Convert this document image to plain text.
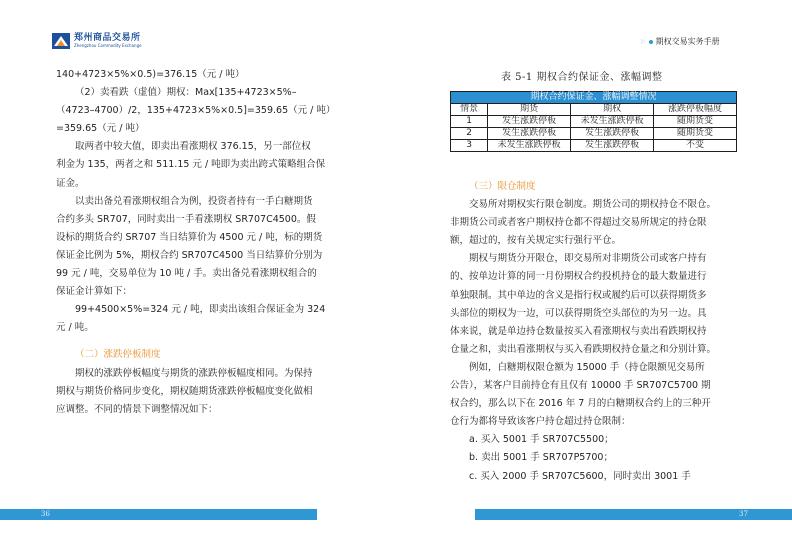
郑州商品交易所
Zhengzhou Commodity Exchange
▷ 期权交易实务手册
140+4723×5%×0.5)=376.15（元 / 吨）
（2）卖看跌（虚值）期权：Max[135+4723×5%–
（4723–4700）/2，135+4723×5%×0.5]=359.65（元 / 吨）
=359.65（元 / 吨）
取两者中较大值，即卖出看涨期权 376.15，另一部位权
利金为 135，两者之和 511.15 元 / 吨即为卖出跨式策略组合保
证金。
以卖出备兑看涨期权组合为例，投资者持有一手白糖期货
合约多头 SR707，同时卖出一手看涨期权 SR707C4500。假
设标的期货合约 SR707 当日结算价为 4500 元 / 吨，标的期货
保证金比例为 5%，期权合约 SR707C4500 当日结算价分别为
99 元 / 吨，交易单位为 10 吨 / 手。卖出备兑看涨期权组合的
保证金计算如下：
99+4500×5%=324 元 / 吨，即卖出该组合保证金为 324
元 / 吨。
（二）涨跌停板制度
期权的涨跌停板幅度与期货的涨跌停板幅度相同。为保持
期权与期货价格同步变化，期权随期货涨跌停板幅度变化做相
应调整。不同的情景下调整情况如下：
表 5-1 期权合约保证金、涨幅调整
期权合约保证金、涨幅调整情况			
情景	期货	期权	涨跌停板幅度
1	发生涨跌停板	未发生涨跌停板	随期货变
2	发生涨跌停板	发生涨跌停板	随期货变
3	未发生涨跌停板	发生涨跌停板	不变
（三）限仓制度
交易所对期权实行限仓制度。期货公司的期权持仓不限仓。
非期货公司或者客户期权持仓都不得超过交易所规定的持仓限
额，超过的，按有关规定实行强行平仓。
期权与期货分开限仓，即交易所对非期货公司或客户持有
的、按单边计算的同一月份期权合约投机持仓的最大数量进行
单独限制。其中单边的含义是指行权或履约后可以获得期货多
头部位的期权为一边，可以获得期货空头部位的为另一边。具
体来说，就是单边持仓数量按买入看涨期权与卖出看跌期权持
仓量之和，卖出看涨期权与买入看跌期权持仓量之和分别计算。
例如，白糖期权限仓额为 15000 手（持仓限额见交易所
公告），某客户目前持仓有且仅有 10000 手 SR707C5700 期
权合约，那么以下在 2016 年 7 月的白糖期权合约上的三种开
仓行为都将导致该客户持仓超过持仓限制：
a. 买入 5001 手 SR707C5500；
b. 卖出 5001 手 SR707P5700；
c. 买入 2000 手 SR707C5600，同时卖出 3001 手
36	37
